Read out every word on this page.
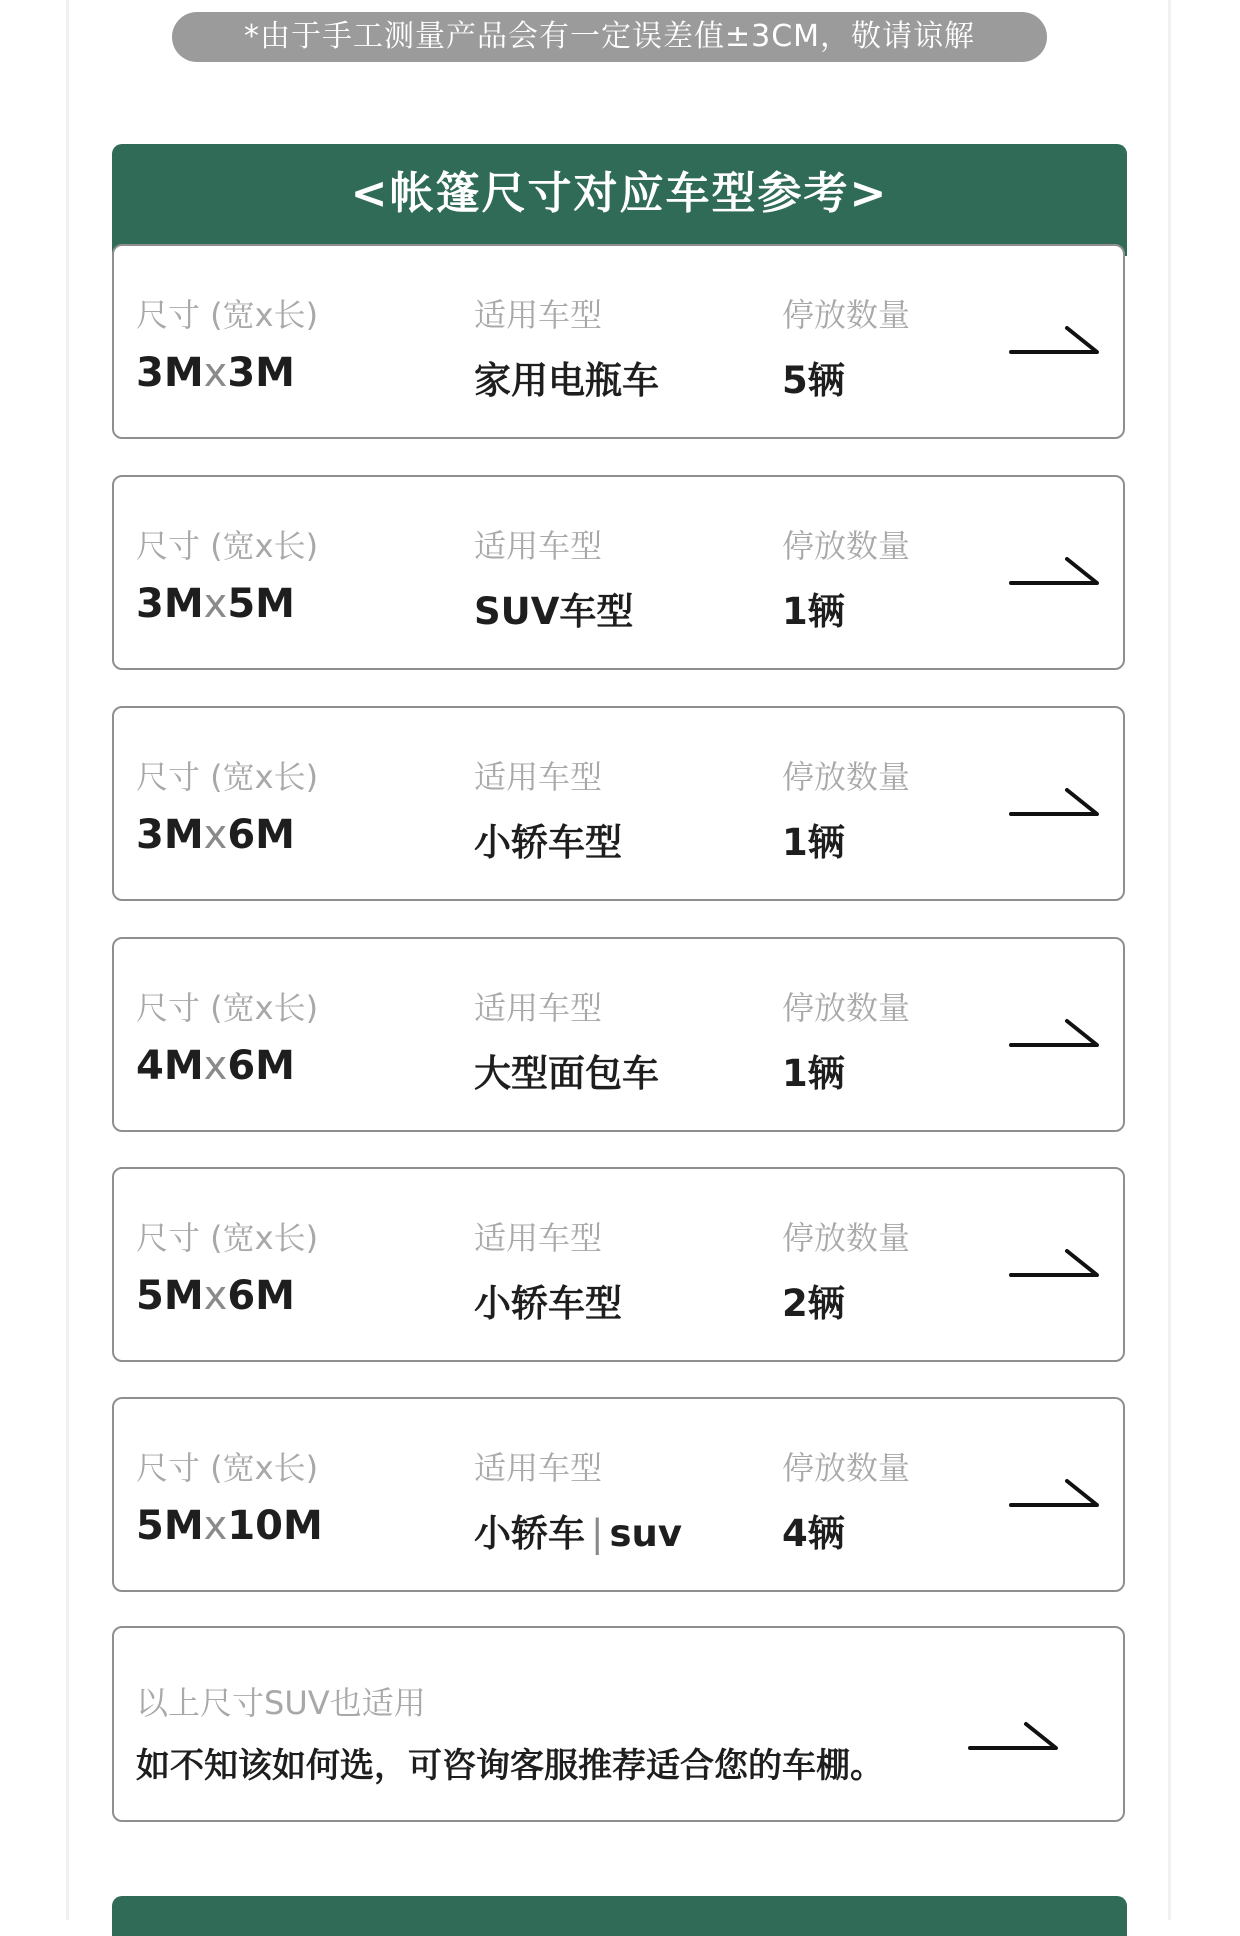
*由于手工测量产品会有一定误差值±3CM，敬请谅解
<帐篷尺寸对应车型参考>
尺寸 (宽x长)
3Mx3M
适用车型
家用电瓶车
停放数量
5辆
尺寸 (宽x长)
3Mx5M
适用车型
SUV车型
停放数量
1辆
尺寸 (宽x长)
3Mx6M
适用车型
小轿车型
停放数量
1辆
尺寸 (宽x长)
4Mx6M
适用车型
大型面包车
停放数量
1辆
尺寸 (宽x长)
5Mx6M
适用车型
小轿车型
停放数量
2辆
尺寸 (宽x长)
5Mx10M
适用车型
小轿车 | suv
停放数量
4辆
以上尺寸SUV也适用
如不知该如何选，可咨询客服推荐适合您的车棚。
